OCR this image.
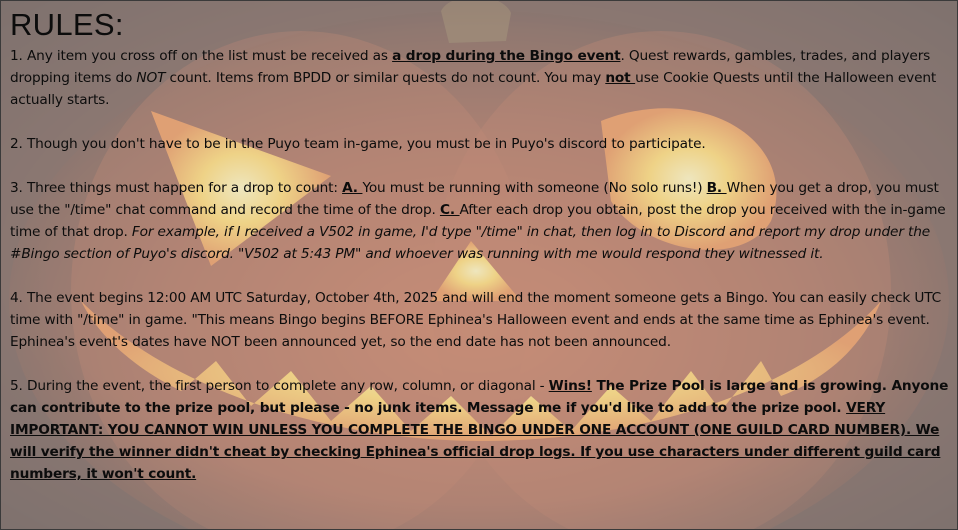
RULES:

1. Any item you cross off on the list must be received as a drop during the Bingo event. Quest rewards, gambles, trades, and players dropping items do NOT count. Items from BPDD or similar quests do not count. You may not use Cookie Quests until the Halloween event actually starts.

2. Though you don't have to be in the Puyo team in-game, you must be in Puyo's discord to participate.

3. Three things must happen for a drop to count: A. You must be running with someone (No solo runs!) B. When you get a drop, you must use the "/time" chat command and record the time of the drop. C. After each drop you obtain, post the drop you received with the in-game time of that drop. For example, if I received a V502 in game, I'd type "/time" in chat, then log in to Discord and report my drop under the #Bingo section of Puyo's discord. "V502 at 5:43 PM" and whoever was running with me would respond they witnessed it.

4. The event begins 12:00 AM UTC Saturday, October 4th, 2025 and will end the moment someone gets a Bingo. You can easily check UTC time with "/time" in game. "This means Bingo begins BEFORE Ephinea's Halloween event and ends at the same time as Ephinea's event. Ephinea's event's dates have NOT been announced yet, so the end date has not been announced.

5. During the event, the first person to complete any row, column, or diagonal - Wins! The Prize Pool is large and is growing. Anyone can contribute to the prize pool, but please - no junk items. Message me if you'd like to add to the prize pool. VERY IMPORTANT: YOU CANNOT WIN UNLESS YOU COMPLETE THE BINGO UNDER ONE ACCOUNT (ONE GUILD CARD NUMBER). We will verify the winner didn't cheat by checking Ephinea's official drop logs. If you use characters under different guild card numbers, it won't count.
